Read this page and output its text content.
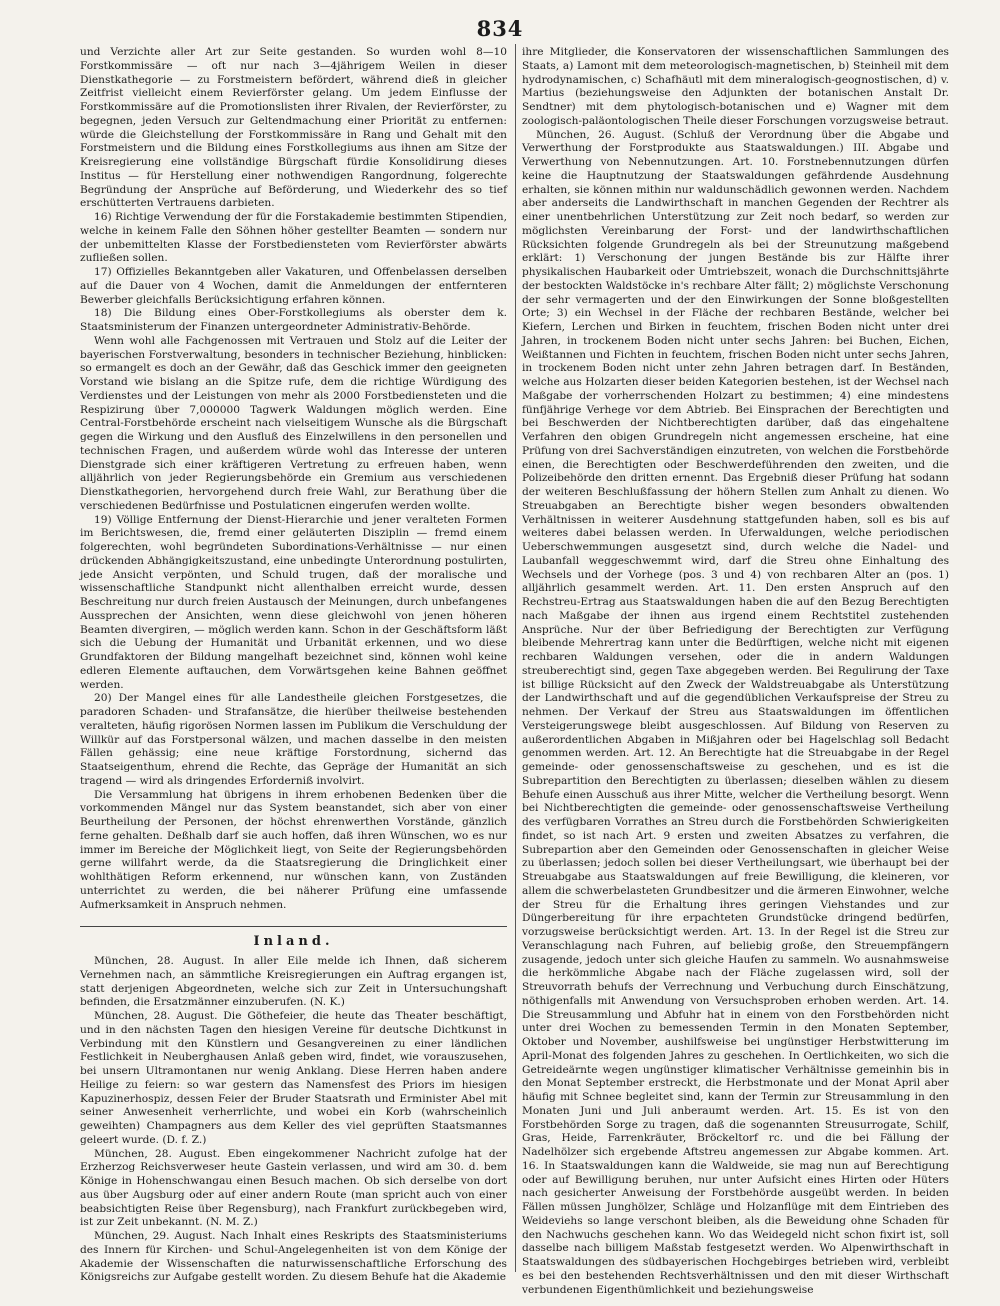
834

und Verzichte aller Art zur Seite gestanden. So wurden wohl 8—10 Forstkommissäre — oft nur nach 3—4jährigem Weilen in dieser Dienstkathegorie — zu Forstmeistern befördert, während dieß in gleicher Zeitfrist vielleicht einem Revierförster gelang. Um jedem Einflusse der Forstkommissäre auf die Promotionslisten ihrer Rivalen, der Revierförster, zu begegnen, jeden Versuch zur Geltendmachung einer Priorität zu entfernen: würde die Gleichstellung der Forstkommissäre in Rang und Gehalt mit den Forstmeistern und die Bildung eines Forstkollegiums aus ihnen am Sitze der Kreisregierung eine vollständige Bürgschaft fürdie Konsolidirung dieses Institus — für Herstellung einer nothwendigen Rangordnung, folgerechte Begründung der Ansprüche auf Beförderung, und Wiederkehr des so tief erschütterten Vertrauens darbieten.

16) Richtige Verwendung der für die Forstakademie bestimmten Stipendien, welche in keinem Falle den Söhnen höher gestellter Beamten — sondern nur der unbemittelten Klasse der Forstbediensteten vom Revierförster abwärts zufließen sollen.

17) Offizielles Bekanntgeben aller Vakaturen, und Offenbelassen derselben auf die Dauer von 4 Wochen, damit die Anmeldungen der entfernteren Bewerber gleichfalls Berücksichtigung erfahren können.

18) Die Bildung eines Ober-Forstkollegiums als oberster dem k. Staatsministerum der Finanzen untergeordneter Administrativ-Behörde.

Wenn wohl alle Fachgenossen mit Vertrauen und Stolz auf die Leiter der bayerischen Forstverwaltung, besonders in technischer Beziehung, hinblicken: so ermangelt es doch an der Gewähr, daß das Geschick immer den geeigneten Vorstand wie bislang an die Spitze rufe, dem die richtige Würdigung des Verdienstes und der Leistungen von mehr als 2000 Forstbediensteten und die Respizirung über 7,000000 Tagwerk Waldungen möglich werden. Eine Central-Forstbehörde erscheint nach vielseitigem Wunsche als die Bürgschaft gegen die Wirkung und den Ausfluß des Einzelwillens in den personellen und technischen Fragen, und außerdem würde wohl das Interesse der unteren Dienstgrade sich einer kräftigeren Vertretung zu erfreuen haben, wenn alljährlich von jeder Regierungsbehörde ein Gremium aus verschiedenen Dienstkathegorien, hervorgehend durch freie Wahl, zur Berathung über die verschiedenen Bedürfnisse und Postulaticnen eingerufen werden wollte.

19) Völlige Entfernung der Dienst-Hierarchie und jener veralteten Formen im Berichtswesen, die, fremd einer geläuterten Disziplin — fremd einem folgerechten, wohl begründeten Subordinations-Verhältnisse — nur einen drückenden Abhängigkeitszustand, eine unbedingte Unterordnung postulirten, jede Ansicht verpönten, und Schuld trugen, daß der moralische und wissenschaftliche Standpunkt nicht allenthalben erreicht wurde, dessen Beschreitung nur durch freien Austausch der Meinungen, durch unbefangenes Aussprechen der Ansichten, wenn diese gleichwohl von jenen höheren Beamten divergiren, — möglich werden kann. Schon in der Geschäftsform läßt sich die Uebung der Humanität und Urbanität erkennen, und wo diese Grundfaktoren der Bildung mangelhaft bezeichnet sind, können wohl keine edleren Elemente auftauchen, dem Vorwärtsgehen keine Bahnen geöffnet werden.

20) Der Mangel eines für alle Landestheile gleichen Forstgesetzes, die paradoren Schaden- und Strafansätze, die hierüber theilweise bestehenden veralteten, häufig rigorösen Normen lassen im Publikum die Verschuldung der Willkür auf das Forstpersonal wälzen, und machen dasselbe in den meisten Fällen gehässig; eine neue kräftige Forstordnung, sichernd das Staatseigenthum, ehrend die Rechte, das Gepräge der Humanität an sich tragend — wird als dringendes Erforderniß involvirt.

Die Versammlung hat übrigens in ihrem erhobenen Bedenken über die vorkommenden Mängel nur das System beanstandet, sich aber von einer Beurtheilung der Personen, der höchst ehrenwerthen Vorstände, gänzlich ferne gehalten. Deßhalb darf sie auch hoffen, daß ihren Wünschen, wo es nur immer im Bereiche der Möglichkeit liegt, von Seite der Regierungsbehörden gerne willfahrt werde, da die Staatsregierung die Dringlichkeit einer wohlthätigen Reform erkennend, nur wünschen kann, von Zuständen unterrichtet zu werden, die bei näherer Prüfung eine umfassende Aufmerksamkeit in Anspruch nehmen.

Inland.

München, 28. August. In aller Eile melde ich Ihnen, daß sicherem Vernehmen nach, an sämmtliche Kreisregierungen ein Auftrag ergangen ist, statt derjenigen Abgeordneten, welche sich zur Zeit in Untersuchungshaft befinden, die Ersatzmänner einzuberufen. (N. K.)

München, 28. August. Die Göthefeier, die heute das Theater beschäftigt, und in den nächsten Tagen den hiesigen Vereine für deutsche Dichtkunst in Verbindung mit den Künstlern und Gesangvereinen zu einer ländlichen Festlichkeit in Neuberghausen Anlaß geben wird, findet, wie vorauszusehen, bei unsern Ultramontanen nur wenig Anklang. Diese Herren haben andere Heilige zu feiern: so war gestern das Namensfest des Priors im hiesigen Kapuzinerhospiz, dessen Feier der Bruder Staatsrath und Erminister Abel mit seiner Anwesenheit verherrlichte, und wobei ein Korb (wahrscheinlich geweihten) Champagners aus dem Keller des viel geprüften Staatsmannes geleert wurde. (D. f. Z.)

München, 28. August. Eben eingekommener Nachricht zufolge hat der Erzherzog Reichsverweser heute Gastein verlassen, und wird am 30. d. bem Könige in Hohenschwangau einen Besuch machen. Ob sich derselbe von dort aus über Augsburg oder auf einer andern Route (man spricht auch von einer beabsichtigten Reise über Regensburg), nach Frankfurt zurückbegeben wird, ist zur Zeit unbekannt. (N. M. Z.)

München, 29. August. Nach Inhalt eines Reskripts des Staatsministeriums des Innern für Kirchen- und Schul-Angelegenheiten ist von dem Könige der Akademie der Wissenschaften die naturwissenschaftliche Erforschung des Königsreichs zur Aufgabe gestellt worden. Zu diesem Behufe hat die Akademie

ihre Mitglieder, die Konservatoren der wissenschaftlichen Sammlungen des Staats, a) Lamont mit dem meteorologisch-magnetischen, b) Steinheil mit dem hydrodynamischen, c) Schafhäutl mit dem mineralogisch-geognostischen, d) v. Martius (beziehungsweise den Adjunkten der botanischen Anstalt Dr. Sendtner) mit dem phytologisch-botanischen und e) Wagner mit dem zoologisch-paläontologischen Theile dieser Forschungen vorzugsweise betraut.

München, 26. August. (Schluß der Verordnung über die Abgabe und Verwerthung der Forstprodukte aus Staatswaldungen.) III. Abgabe und Verwerthung von Nebennutzungen. Art. 10. Forstnebennutzungen dürfen keine die Hauptnutzung der Staatswaldungen gefährdende Ausdehnung erhalten, sie können mithin nur waldunschädlich gewonnen werden. Nachdem aber anderseits die Landwirthschaft in manchen Gegenden der Rechtrer als einer unentbehrlichen Unterstützung zur Zeit noch bedarf, so werden zur möglichsten Vereinbarung der Forst- und der landwirthschaftlichen Rücksichten folgende Grundregeln als bei der Streunutzung maßgebend erklärt: 1) Verschonung der jungen Bestände bis zur Hälfte ihrer physikalischen Haubarkeit oder Umtriebszeit, wonach die Durchschnittsjährte der bestockten Waldstöcke in's rechbare Alter fällt; 2) möglichste Verschonung der sehr vermagerten und der den Einwirkungen der Sonne bloßgestellten Orte; 3) ein Wechsel in der Fläche der rechbaren Bestände, welcher bei Kiefern, Lerchen und Birken in feuchtem, frischen Boden nicht unter drei Jahren, in trockenem Boden nicht unter sechs Jahren: bei Buchen, Eichen, Weißtannen und Fichten in feuchtem, frischen Boden nicht unter sechs Jahren, in trockenem Boden nicht unter zehn Jahren betragen darf. In Beständen, welche aus Holzarten dieser beiden Kategorien bestehen, ist der Wechsel nach Maßgabe der vorherrschenden Holzart zu bestimmen; 4) eine mindestens fünfjährige Verhege vor dem Abtrieb. Bei Einsprachen der Berechtigten und bei Beschwerden der Nichtberechtigten darüber, daß das eingehaltene Verfahren den obigen Grundregeln nicht angemessen erscheine, hat eine Prüfung von drei Sachverständigen einzutreten, von welchen die Forstbehörde einen, die Berechtigten oder Beschwerdeführenden den zweiten, und die Polizeibehörde den dritten ernennt. Das Ergebniß dieser Prüfung hat sodann der weiteren Beschlußfassung der höhern Stellen zum Anhalt zu dienen. Wo Streuabgaben an Berechtigte bisher wegen besonders obwaltenden Verhältnissen in weiterer Ausdehnung stattgefunden haben, soll es bis auf weiteres dabei belassen werden. In Uferwaldungen, welche periodischen Ueberschwemmungen ausgesetzt sind, durch welche die Nadel- und Laubanfall weggeschwemmt wird, darf die Streu ohne Einhaltung des Wechsels und der Vorhege (pos. 3 und 4) von rechbaren Alter an (pos. 1) alljährlich gesammelt werden. Art. 11. Den ersten Anspruch auf den Rechstreu-Ertrag aus Staatswaldungen haben die auf den Bezug Berechtigten nach Maßgabe der ihnen aus irgend einem Rechtstitel zustehenden Ansprüche. Nur der über Befriedigung der Berechtigten zur Verfügung bleibende Mehrertrag kann unter die Bedürftigen, welche nicht mit eigenen rechbaren Waldungen versehen, oder die in andern Waldungen streuberechtigt sind, gegen Taxe abgegeben werden. Bei Regulirung der Taxe ist billige Rücksicht auf den Zweck der Waldstreuabgabe als Unterstützung der Landwirthschaft und auf die gegendüblichen Verkaufspreise der Streu zu nehmen. Der Verkauf der Streu aus Staatswaldungen im öffentlichen Versteigerungswege bleibt ausgeschlossen. Auf Bildung von Reserven zu außerordentlichen Abgaben in Mißjahren oder bei Hagelschlag soll Bedacht genommen werden. Art. 12. An Berechtigte hat die Streuabgabe in der Regel gemeinde- oder genossenschaftsweise zu geschehen, und es ist die Subrepartition den Berechtigten zu überlassen; dieselben wählen zu diesem Behufe einen Ausschuß aus ihrer Mitte, welcher die Vertheilung besorgt. Wenn bei Nichtberechtigten die gemeinde- oder genossenschaftsweise Vertheilung des verfügbaren Vorrathes an Streu durch die Forstbehörden Schwierigkeiten findet, so ist nach Art. 9 ersten und zweiten Absatzes zu verfahren, die Subrepartion aber den Gemeinden oder Genossenschaften in gleicher Weise zu überlassen; jedoch sollen bei dieser Vertheilungsart, wie überhaupt bei der Streuabgabe aus Staatswaldungen auf freie Bewilligung, die kleineren, vor allem die schwerbelasteten Grundbesitzer und die ärmeren Einwohner, welche der Streu für die Erhaltung ihres geringen Viehstandes und zur Düngerbereitung für ihre erpachteten Grundstücke dringend bedürfen, vorzugsweise berücksichtigt werden. Art. 13. In der Regel ist die Streu zur Veranschlagung nach Fuhren, auf beliebig große, den Streuempfängern zusagende, jedoch unter sich gleiche Haufen zu sammeln. Wo ausnahmsweise die herkömmliche Abgabe nach der Fläche zugelassen wird, soll der Streuvorrath behufs der Verrechnung und Verbuchung durch Einschätzung, nöthigenfalls mit Anwendung von Versuchsproben erhoben werden. Art. 14. Die Streusammlung und Abfuhr hat in einem von den Forstbehörden nicht unter drei Wochen zu bemessenden Termin in den Monaten September, Oktober und November, aushilfsweise bei ungünstiger Herbstwitterung im April-Monat des folgenden Jahres zu geschehen. In Oertlichkeiten, wo sich die Getreideärnte wegen ungünstiger klimatischer Verhältnisse gemeinhin bis in den Monat September erstreckt, die Herbstmonate und der Monat April aber häufig mit Schnee begleitet sind, kann der Termin zur Streusammlung in den Monaten Juni und Juli anberaumt werden. Art. 15. Es ist von den Forstbehörden Sorge zu tragen, daß die sogenannten Streusurrogate, Schilf, Gras, Heide, Farrenkräuter, Bröckeltorf rc. und die bei Fällung der Nadelhölzer sich ergebende Aftstreu angemessen zur Abgabe kommen. Art. 16. In Staatswaldungen kann die Waldweide, sie mag nun auf Berechtigung oder auf Bewilligung beruhen, nur unter Aufsicht eines Hirten oder Hüters nach gesicherter Anweisung der Forstbehörde ausgeübt werden. In beiden Fällen müssen Junghölzer, Schläge und Holzanflüge mit dem Eintrieben des Weideviehs so lange verschont bleiben, als die Beweidung ohne Schaden für den Nachwuchs geschehen kann. Wo das Weidegeld nicht schon fixirt ist, soll dasselbe nach billigem Maßstab festgesetzt werden. Wo Alpenwirthschaft in Staatswaldungen des südbayerischen Hochgebirges betrieben wird, verbleibt es bei den bestehenden Rechtsverhältnissen und den mit dieser Wirthschaft verbundenen Eigenthümlichkeit und beziehungsweise
